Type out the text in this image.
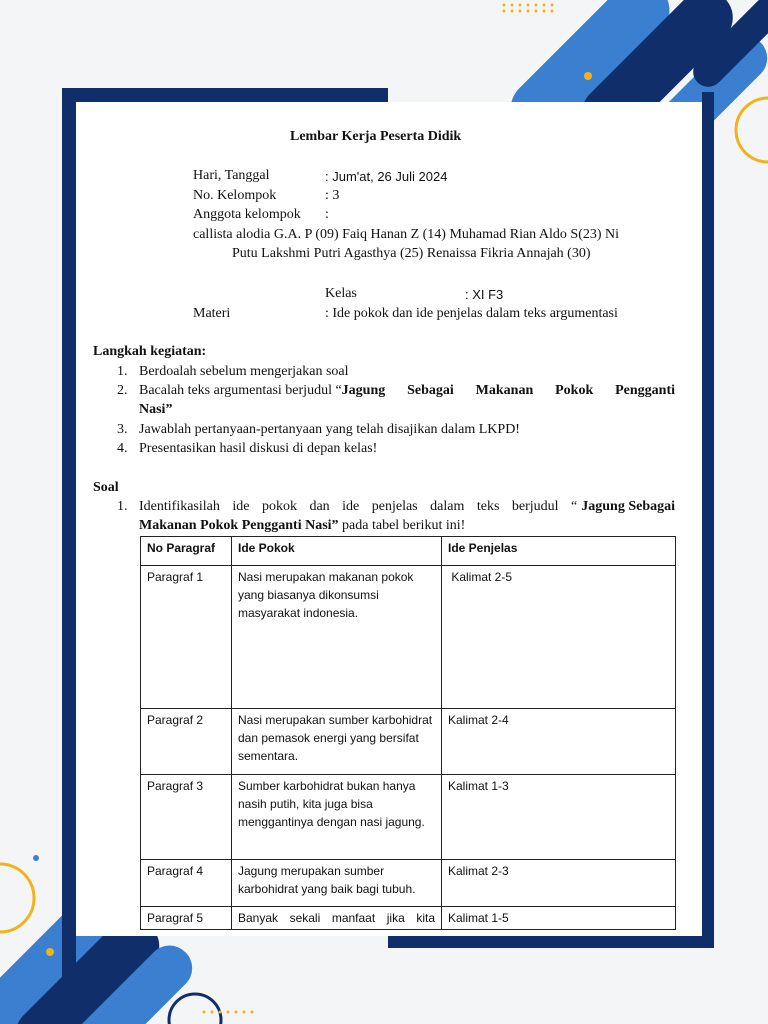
Lembar Kerja Peserta Didik
Hari, Tanggal	: Jum'at, 26 Juli 2024
No. Kelompok	: 3
Anggota kelompok :
callista alodia G.A. P (09) Faiq Hanan Z (14) Muhamad Rian Aldo S(23) Ni
Putu Lakshmi Putri Agasthya (25) Renaissa Fikria Annajah (30)
Kelas	: XI F3
Materi	: Ide pokok dan ide penjelas dalam teks argumentasi
Langkah kegiatan:
1. Berdoalah sebelum mengerjakan soal
2. Bacalah teks argumentasi berjudul “ Jagung Sebagai Makanan Pokok Pengganti
Nasi”
3. Jawablah pertanyaan-pertanyaan yang telah disajikan dalam LKPD!
4. Presentasikan hasil diskusi di depan kelas!
Soal
1. Identifikasilah ide pokok dan ide penjelas dalam teks berjudul “ Jagung Sebagai
Makanan Pokok Pengganti Nasi” pada tabel berikut ini!
No Paragraf	Ide Pokok	Ide Penjelas
Paragraf 1	Nasi merupakan makanan pokok yang biasanya dikonsumsi masyarakat indonesia.	Kalimat 2-5
Paragraf 2	Nasi merupakan sumber karbohidrat dan pemasok energi yang bersifat sementara.	Kalimat 2-4
Paragraf 3	Sumber karbohidrat bukan hanya nasih putih, kita juga bisa menggantinya dengan nasi jagung.	Kalimat 1-3
Paragraf 4	Jagung merupakan sumber karbohidrat yang baik bagi tubuh.	Kalimat 2-3
Paragraf 5	Banyak sekali manfaat jika kita	Kalimat 1-5
